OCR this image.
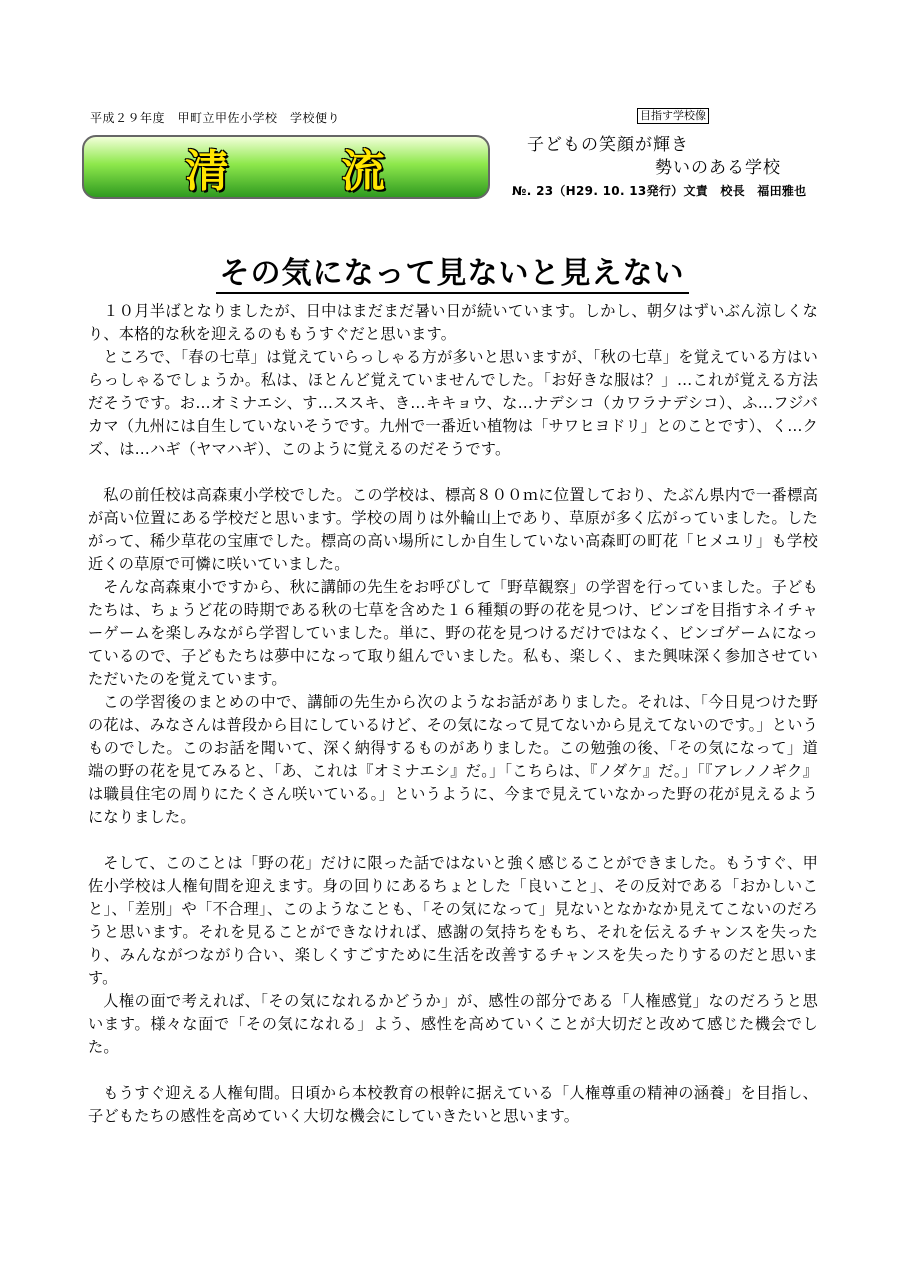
平成２９年度　甲町立甲佐小学校　学校便り
清	流
目指す学校像
子どもの笑顔が輝き
勢いのある学校
№. 23（H29. 10. 13発行）文責　校長　福田雅也
その気になって見ないと見えない

１０月半ばとなりましたが、日中はまだまだ暑い日が続いています。しかし、朝夕はずいぶん涼しくなり、本格的な秋を迎えるのももうすぐだと思います。

ところで、「春の七草」は覚えていらっしゃる方が多いと思いますが、「秋の七草」を覚えている方はいらっしゃるでしょうか。私は、ほとんど覚えていませんでした。「お好きな服は？」…これが覚える方法だそうです。お…オミナエシ、す…ススキ、き…キキョウ、な…ナデシコ（カワラナデシコ）、ふ…フジバカマ（九州には自生していないそうです。九州で一番近い植物は「サワヒヨドリ」とのことです）、く…クズ、は…ハギ（ヤマハギ）、このように覚えるのだそうです。

私の前任校は高森東小学校でした。この学校は、標高８００ｍに位置しており、たぶん県内で一番標高が高い位置にある学校だと思います。学校の周りは外輪山上であり、草原が多く広がっていました。したがって、稀少草花の宝庫でした。標高の高い場所にしか自生していない高森町の町花「ヒメユリ」も学校近くの草原で可憐に咲いていました。

そんな高森東小ですから、秋に講師の先生をお呼びして「野草観察」の学習を行っていました。子どもたちは、ちょうど花の時期である秋の七草を含めた１６種類の野の花を見つけ、ビンゴを目指すネイチャーゲームを楽しみながら学習していました。単に、野の花を見つけるだけではなく、ビンゴゲームになっているので、子どもたちは夢中になって取り組んでいました。私も、楽しく、また興味深く参加させていただいたのを覚えています。

この学習後のまとめの中で、講師の先生から次のようなお話がありました。それは、「今日見つけた野の花は、みなさんは普段から目にしているけど、その気になって見てないから見えてないのです。」というものでした。このお話を聞いて、深く納得するものがありました。この勉強の後、「その気になって」道端の野の花を見てみると、「あ、これは『オミナエシ』だ。」「こちらは、『ノダケ』だ。」「『アレノノギク』は職員住宅の周りにたくさん咲いている。」というように、今まで見えていなかった野の花が見えるようになりました。

そして、このことは「野の花」だけに限った話ではないと強く感じることができました。もうすぐ、甲佐小学校は人権旬間を迎えます。身の回りにあるちょとした「良いこと」、その反対である「おかしいこと」、「差別」や「不合理」、このようなことも、「その気になって」見ないとなかなか見えてこないのだろうと思います。それを見ることができなければ、感謝の気持ちをもち、それを伝えるチャンスを失ったり、みんながつながり合い、楽しくすごすために生活を改善するチャンスを失ったりするのだと思います。

人権の面で考えれば、「その気になれるかどうか」が、感性の部分である「人権感覚」なのだろうと思います。様々な面で「その気になれる」よう、感性を高めていくことが大切だと改めて感じた機会でした。

もうすぐ迎える人権旬間。日頃から本校教育の根幹に据えている「人権尊重の精神の涵養」を目指し、子どもたちの感性を高めていく大切な機会にしていきたいと思います。
